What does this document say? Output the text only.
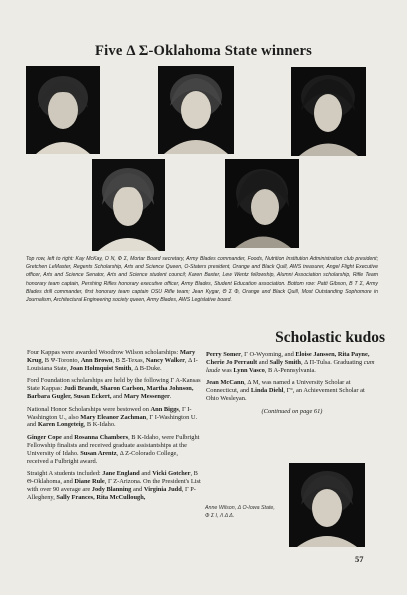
Five Δ Σ-Oklahoma State winners
Top row, left to right: Kay McKay, Ο Ν, Φ Σ, Mortar Board secretary, Army Blades commander, Foods, Nutrition Institution Administration club president; Gretchen LeMaster, Regents Scholarship, Arts and Science Queen, O-Staters president, Orange and Black Quill, AWS treasurer, Angel Flight Executive officer, Arts and Science Senator, Arts and Science student council; Karen Baxter, Lew Wentz fellowship, Alumni Association scholarship, Rifle Team honorary team captain, Pershing Rifles honorary executive officer, Army Blades, Student Education association. Bottom row: Patti Gibson, Β Τ Σ, Army Blades drill commander, first honorary team captain OSU Rifle team; Jean Kygar, Θ Σ Φ, Orange and Black Quill, Most Outstanding Sophomore in Journalism, Architectural Engineering society queen, Army Blades, AWS Legislative board.
Scholastic kudos

Four Kappas were awarded Woodrow Wilson scholarships: Mary Krug, Β Ψ-Toronto, Ann Brown, Β Ξ-Texas, Nancy Walker, Δ Ι-Louisiana State, Joan Holmquist Smith, Δ Β-Duke.

Ford Foundation scholarships are held by the following Γ Α-Kansas State Kappas: Judi Brandt, Sharon Carlson, Martha Johnson, Barbara Gugler, Susan Eckert, and Mary Messenger.

National Honor Scholarships were bestowed on Ann Biggs, Γ Ι-Washington U., also Mary Eleanor Zachman, Γ Ι-Washington U. and Karen Longeteig, Β Κ-Idaho.

Ginger Cope and Rosanna Chambers, Β Κ-Idaho, were Fulbright Fellowship finalists and received graduate assistantships at the University of Idaho. Susan Arentz, Δ Ζ-Colorado College, received a Fulbright award.

Straight A students included: Jane England and Vicki Gotcher, Β Θ-Oklahoma, and Diane Rule, Γ Ζ-Arizona. On the President's List with over 90 average are Jody Blanning and Virginia Judd, Γ Ρ-Allegheny, Sally Frances, Rita McCullough,

Perry Somer, Γ Ο-Wyoming, and Eloise Janssen, Rita Payne, Cherie Jo Perrault and Sally Smith, Δ Π-Tulsa. Graduating cum laude was Lynn Vasco, Β Α-Pennsylvania.

Jean McCann, Δ Μ, was named a University Scholar at Connecticut, and Linda Diehl, Γ°, an Achievement Scholar at Ohio Wesleyan.

(Continued on page 61)

Anne Wilson, Δ Ο-Iowa State, Φ Σ Ι, Λ Δ Δ.
57
